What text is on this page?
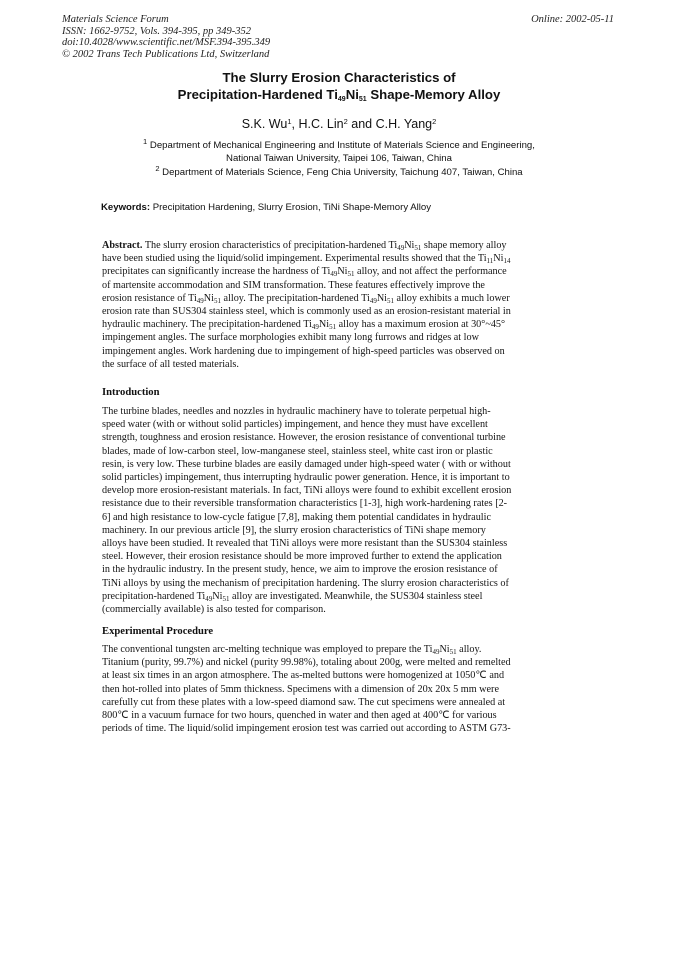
Materials Science Forum
ISSN: 1662-9752, Vols. 394-395, pp 349-352
doi:10.4028/www.scientific.net/MSF.394-395.349
© 2002 Trans Tech Publications Ltd, Switzerland
Online: 2002-05-11
The Slurry Erosion Characteristics of
Precipitation-Hardened $Ti_{49}Ni_{51}$ Shape-Memory Alloy
S.K. Wu$^1$, H.C. Lin$^2$ and C.H. Yang$^2$
$^1$ Department of Mechanical Engineering and Institute of Materials Science and Engineering,
National Taiwan University, Taipei 106, Taiwan, China
$^2$ Department of Materials Science, Feng Chia University, Taichung 407, Taiwan, China
Keywords: Precipitation Hardening, Slurry Erosion, TiNi Shape-Memory Alloy
Abstract. The slurry erosion characteristics of precipitation-hardened $Ti_{49}Ni_{51}$ shape memory alloy
have been studied using the liquid/solid impingement. Experimental results showed that the $Ti_{11}Ni_{14}$
precipitates can significantly increase the hardness of $Ti_{49}Ni_{51}$ alloy, and not affect the performance
of martensite accommodation and SIM transformation. These features effectively improve the
erosion resistance of $Ti_{49}Ni_{51}$ alloy. The precipitation-hardened $Ti_{49}Ni_{51}$ alloy exhibits a much lower
erosion rate than SUS304 stainless steel, which is commonly used as an erosion-resistant material in
hydraulic machinery. The precipitation-hardened $Ti_{49}Ni_{51}$ alloy has a maximum erosion at 30°~45°
impingement angles. The surface morphologies exhibit many long furrows and ridges at low
impingement angles. Work hardening due to impingement of high-speed particles was observed on
the surface of all tested materials.
Introduction
The turbine blades, needles and nozzles in hydraulic machinery have to tolerate perpetual high-
speed water (with or without solid particles) impingement, and hence they must have excellent
strength, toughness and erosion resistance. However, the erosion resistance of conventional turbine
blades, made of low-carbon steel, low-manganese steel, stainless steel, white cast iron or plastic
resin, is very low. These turbine blades are easily damaged under high-speed water ( with or without
solid particles) impingement, thus interrupting hydraulic power generation. Hence, it is important to
develop more erosion-resistant materials. In fact, TiNi alloys were found to exhibit excellent erosion
resistance due to their reversible transformation characteristics [1-3], high work-hardening rates [2-
6] and high resistance to low-cycle fatigue [7,8], making them potential candidates in hydraulic
machinery. In our previous article [9], the slurry erosion characteristics of TiNi shape memory
alloys have been studied. It revealed that TiNi alloys were more resistant than the SUS304 stainless
steel. However, their erosion resistance should be more improved further to extend the application
in the hydraulic industry. In the present study, hence, we aim to improve the erosion resistance of
TiNi alloys by using the mechanism of precipitation hardening. The slurry erosion characteristics of
precipitation-hardened $Ti_{49}Ni_{51}$ alloy are investigated. Meanwhile, the SUS304 stainless steel
(commercially available) is also tested for comparison.
Experimental Procedure
The conventional tungsten arc-melting technique was employed to prepare the $Ti_{49}Ni_{51}$ alloy.
Titanium (purity, 99.7%) and nickel (purity 99.98%), totaling about 200g, were melted and remelted
at least six times in an argon atmosphere. The as-melted buttons were homogenized at 1050℃ and
then hot-rolled into plates of 5mm thickness. Specimens with a dimension of 20x 20x 5 mm were
carefully cut from these plates with a low-speed diamond saw. The cut specimens were annealed at
800℃ in a vacuum furnace for two hours, quenched in water and then aged at 400℃ for various
periods of time. The liquid/solid impingement erosion test was carried out according to ASTM G73-
